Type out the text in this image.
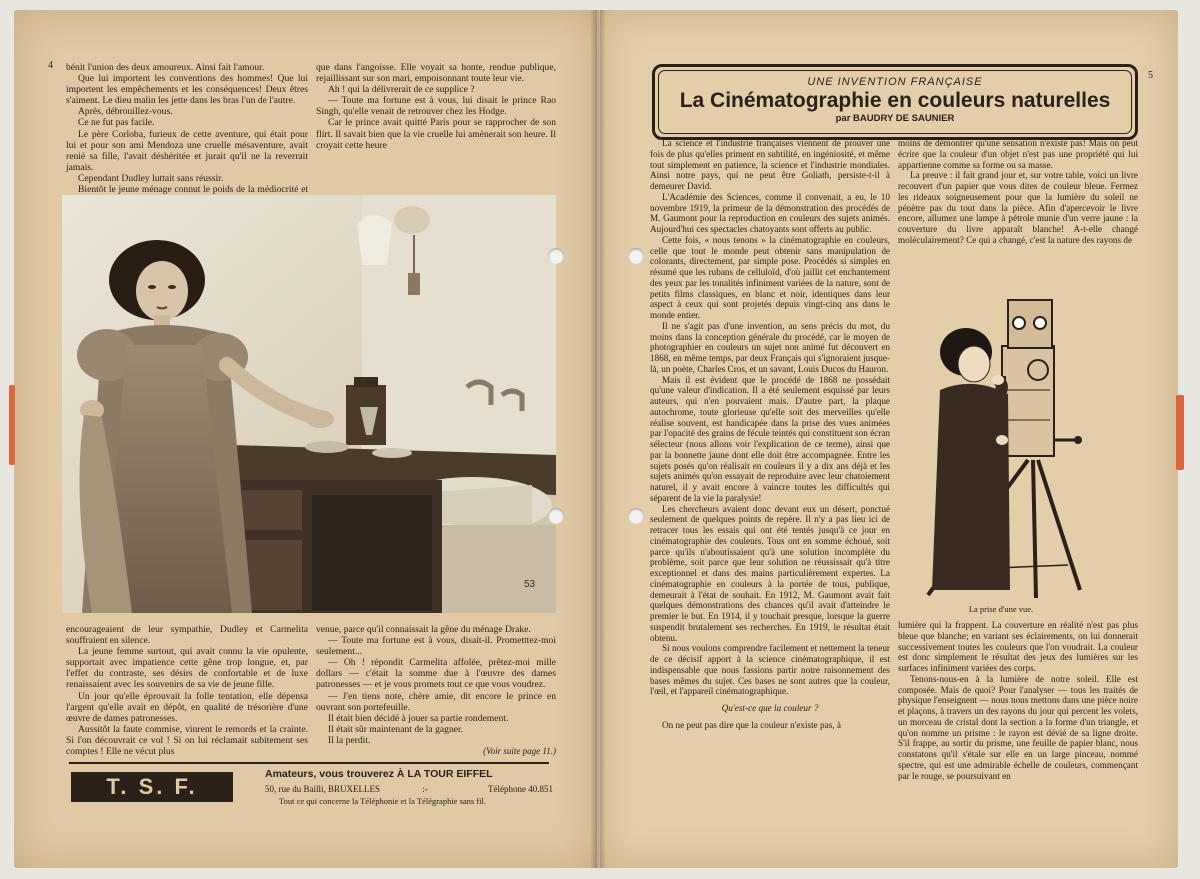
4 bénit l'union des deux amoureux. Ainsi fait l'amour.

Que lui importent les conventions des hommes! Que lui importent les empêchements et les conséquences! Deux êtres s'aiment. Le dieu malin les jette dans les bras l'un de l'autre.

Après, débrouillez-vous.

Ce ne fut pas facile.

Le père Corloba, furieux de cette aventure, qui était pour lui et pour son ami Mendoza une cruelle mésaventure, avait renié sa fille, l'avait déshéritée et jurait qu'il ne la reverrait jamais.

Cependant Dudley luttait sans réussir.

Bientôt le jeune ménage connut le poids de la médiocrité et

que dans l'angoisse. Elle voyait sa honte, rendue publique, rejaillissant sur son mari, empoisonnant toute leur vie.

Ah ! qui la délivrerait de ce supplice ?

— Toute ma fortune est à vous, lui disait le prince Rao Singh, qu'elle venait de retrouver chez les Hodge.

Car le prince avait quitté Paris pour se rapprocher de son flirt. Il savait bien que la vie cruelle lui amènerait son heure. Il croyait cette heure

53

encourageaient de leur sympathie, Dudley et Carmelita souffraient en silence.

La jeune femme surtout, qui avait connu la vie opulente, supportait avec impatience cette gêne trop longue, et, par l'effet du contraste, ses désirs de confortable et de luxe renaissaient avec les souvenirs de sa vie de jeune fille.

Un jour qu'elle éprouvait la folle tentation, elle dépensa l'argent qu'elle avait en dépôt, en qualité de trésorière d'une œuvre de dames patronesses.

Aussitôt la faute commise, vinrent le remords et la crainte. Si l'on découvrait ce vol ! Si on lui réclamait subitement ses comptes ! Elle ne vécut plus

venue, parce qu'il connaissait la gêne du ménage Drake.

— Toute ma fortune est à vous, disait-il. Prometttez-moi seulement...

— Oh ! répondit Carmelita affolée, prêtez-moi mille dollars — c'était la somme due à l'œuvre des dames patronesses — et je vous promets tout ce que vous voudrez.

— J'en tiens note, chère amie, dit encore le prince en ouvrant son portefeuille.

Il était bien décidé à jouer sa partie rondement.

Il était sûr maintenant de la gagner.

Il la perdit.

(Voir suite page 11.)

T. S. F.	Amateurs, vous trouverez À LA TOUR EIFFEL
50, rue du Bailli, BRUXELLES	:-	Téléphone 40.851
Tout ce qui concerne la Téléphonie et la Télégraphie sans fil.
5
UNE INVENTION FRANÇAISE
La Cinématographie en couleurs naturelles
par BAUDRY DE SAUNIER

La science et l'industrie françaises viennent de prouver une fois de plus qu'elles priment en subtilité, en ingéniosité, et même tout simplement en patience, la science et l'industrie mondiales. Ainsi notre pays, qui ne peut être Goliath, persiste-t-il à demeurer David.

L'Académie des Sciences, comme il convenait, a eu, le 10 novembre 1919, la primeur de la démonstration des procédés de M. Gaumont pour la reproduction en couleurs des sujets animés. Aujourd'hui ces spectacles chatoyants sont offerts au public.

Cette fois, « nous tenons » la cinématographie en couleurs, celle que tout le monde peut obtenir sans manipulation de colorants, directement, par simple pose. Procédés si simples en résumé que les rubans de celluloïd, d'où jaillit cet enchantement des yeux par les tonalités infiniment variées de la nature, sont de petits films classiques, en blanc et noir, identiques dans leur aspect à ceux qui sont projetés depuis vingt-cinq ans dans le monde entier.

Il ne s'agit pas d'une invention, au sens précis du mot, du moins dans la conception générale du procédé, car le moyen de photographier en couleurs un sujet non animé fut découvert en 1868, en même temps, par deux Français qui s'ignoraient jusque-là, un poète, Charles Cros, et un savant, Louis Ducos du Hauron.

Mais il est évident que le procédé de 1868 ne possédait qu'une valeur d'indication. Il a été seulement esquissé par leurs auteurs, qui n'en pouvaient mais. D'autre part, la plaque autochrome, toute glorieuse qu'elle soit des merveilles qu'elle réalise souvent, est handicapée dans la prise des vues animées par l'opacité des grains de fécule teintés qui constituent son écran sélecteur (nous allons voir l'explication de ce terme), ainsi que par la bonnette jaune dont elle doit être accompagnée. Entre les sujets posés qu'on réalisait en couleurs il y a dix ans déjà et les sujets animés qu'on essayait de reproduire avec leur chatoiement naturel, il y avait encore à vaincre toutes les difficultés qui séparent de la vie la paralysie!

Les chercheurs avaient donc devant eux un désert, ponctué seulement de quelques points de repère. Il n'y a pas lieu ici de retracer tous les essais qui ont été tentés jusqu'à ce jour en cinématographie des couleurs. Tous ont en somme échoué, soit parce qu'ils n'aboutissaient qu'à une solution incomplète du problème, soit parce que leur solution ne réussissait qu'à titre exceptionnel et dans des mains particulièrement expertes. La cinématographie en couleurs à la portée de tous, publique, demeurait à l'état de souhait. En 1912, M. Gaumont avait fait quelques démonstrations des chances qu'il avait d'atteindre le premier le but. En 1914, il y touchait presque, lorsque la guerre suspendit brutalement ses recherches. En 1919, le résultat était obtenu.

Si nous voulons comprendre facilement et nettement la teneur de ce décisif apport à la science cinématographique, il est indispensable que nous fassions partir notre raisonnement des bases mêmes du sujet. Ces bases ne sont autres que la couleur, l'œil, et l'appareil cinématographique.

Qu'est-ce que la couleur ?

On ne peut pas dire que la couleur n'existe pas, à

moins de démontrer qu'une sensation n'existe pas! Mais on peut écrire que la couleur d'un objet n'est pas une propriété qui lui appartienne comme sa forme ou sa masse.

La preuve : il fait grand jour et, sur votre table, voici un livre recouvert d'un papier que vous dites de couleur bleue. Fermez les rideaux soigneusement pour que la lumière du soleil ne pénètre pas du tout dans la pièce. Afin d'apercevoir le livre encore, allumez une lampe à pétrole munie d'un verre jaune : la couverture du livre apparaît blanche! A-t-elle changé moléculairement? Ce qui a changé, c'est la nature des rayons de

La prise d'une vue.

lumière qui la frappent. La couverture en réalité n'est pas plus bleue que blanche; en variant ses éclairements, on lui donnerait successivement toutes les couleurs que l'on voudrait. La couleur est donc simplement le résultat des jeux des lumières sur les surfaces infiniment variées des corps.

Tenons-nous-en à la lumière de notre soleil. Elle est composée. Mais de quoi? Pour l'analyser — tous les traités de physique l'enseignent — nous nous mettons dans une pièce noire et plaçons, à travers un des rayons du jour qui percent les volets, un morceau de cristal dont la section a la forme d'un triangle, et qu'on nomme un prisme : le rayon est dévié de sa ligne droite. S'il frappe, au sortir du prisme, une feuille de papier blanc, nous constatons qu'il s'étale sur elle en un large pinceau, nommé spectre, qui est une admirable échelle de couleurs, commençant par le rouge, se poursuivant en
